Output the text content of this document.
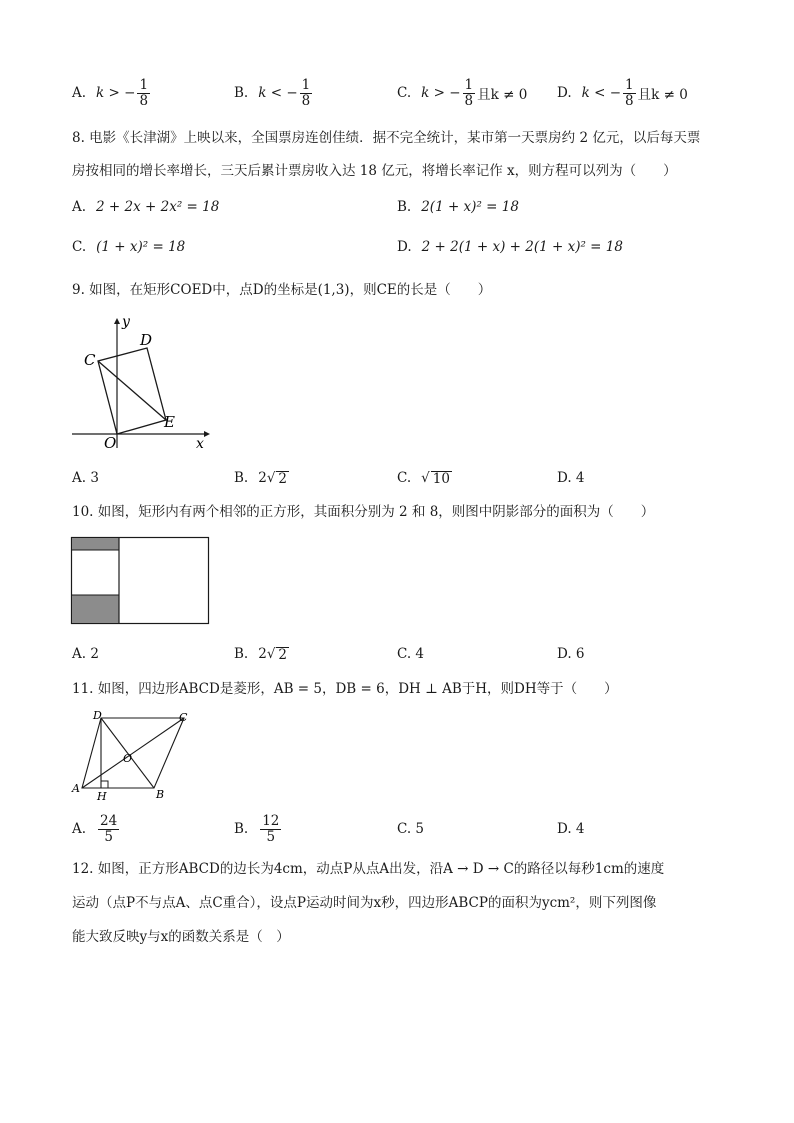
A. k >
− $\frac{1}{8}$	B. k <
− $\frac{1}{8}$	C. k >
− $\frac{1}{8}$ 且k ≠ 0 D. k <
− $\frac{1}{8}$ 且k ≠ 0
8. 电影《长津湖》上映以来，全国票房连创佳绩．据不完全统计，某市第一天票房约 2 亿元，以后每天票
房按相同的增长率增长，三天后累计票房收入达 18 亿元，将增长率记作 x，则方程可以列为（　　）
A. 2 + 2x + 2x² = 18	B. 2(1 + x)² = 18
C. (1 + x)² = 18	D. 2 + 2(1 + x) + 2(1 + x)² = 18
9. 如图，在矩形COED中，点D的坐标是(1,3)，则CE的长是（　　）
y
x
C
D
E
O
A. 3	B. 2 √ 2	C. √ 10	D. 4
10. 如图，矩形内有两个相邻的正方形，其面积分别为 2 和 8，则图中阴影部分的面积为（　　）
A. 2	B. 2 √ 2	C. 4	D. 6
11. 如图，四边形ABCD是菱形，AB = 5，DB = 6，DH ⊥ AB于H，则DH等于（　　）
D	C
A	B
H
O
A. $\frac{24}{5}$	B. $\frac{12}{5}$	C. 5	D. 4
12. 如图，正方形ABCD的边长为4cm，动点P从点A出发，沿A → D → C的路径以每秒1cm的速度
运动（点P不与点A、点C重合），设点P运动时间为x秒，四边形ABCP的面积为ycm²，则下列图像
能大致反映y与x的函数关系是（　）
